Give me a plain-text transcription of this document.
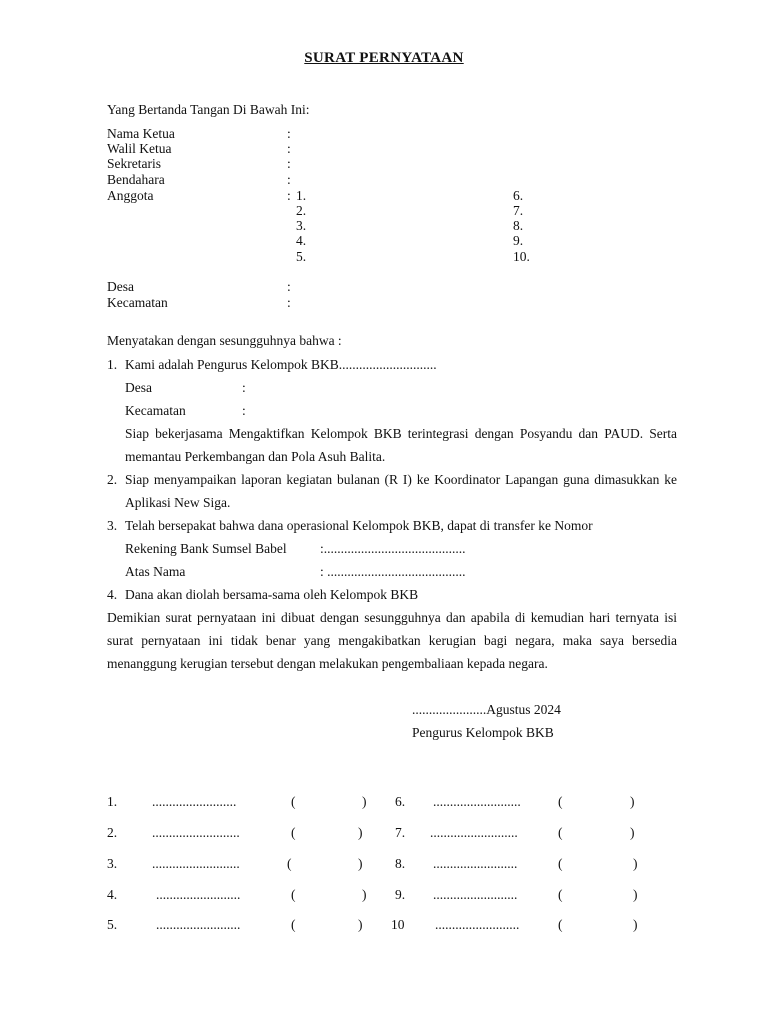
SURAT PERNYATAAN
Yang Bertanda Tangan Di Bawah Ini:
Nama Ketua	:
Walil Ketua	:
Sekretaris	:
Bendahara	:
Anggota	: 1.
2.
3.
4.
5.
6.
7.
8.
9.
10.
Desa	:
Kecamatan	:
Menyatakan dengan sesungguhnya bahwa :
1. Kami adalah Pengurus Kelompok BKB.............................
Desa	:
Kecamatan	:
Siap bekerjasama Mengaktifkan Kelompok BKB terintegrasi dengan Posyandu dan PAUD. Serta memantau Perkembangan dan Pola Asuh Balita.
2. Siap menyampaikan laporan kegiatan bulanan (R I) ke Koordinator Lapangan guna dimasukkan ke Aplikasi New Siga.
3. Telah bersepakat bahwa dana operasional Kelompok BKB, dapat di transfer ke Nomor
Rekening Bank Sumsel Babel :..........................................
Atas Nama	: .........................................
4. Dana akan diolah bersama-sama oleh Kelompok BKB
Demikian surat pernyataan ini dibuat dengan sesungguhnya dan apabila di kemudian hari ternyata isi surat pernyataan ini tidak benar yang mengakibatkan kerugian bagi negara, maka saya bersedia menanggung kerugian tersebut dengan melakukan pengembaliaan kepada negara.
......................Agustus 2024
Pengurus Kelompok BKB
1.	.........................	(	)
2.	..........................	(	)
3.	..........................	(	)
4.	.........................	(	)
5.	.........................	(	)
6. ..........................	(	)
7. ..........................	(	)
8. .........................	(	)
9. .........................	(	)
10 .........................	(	)
